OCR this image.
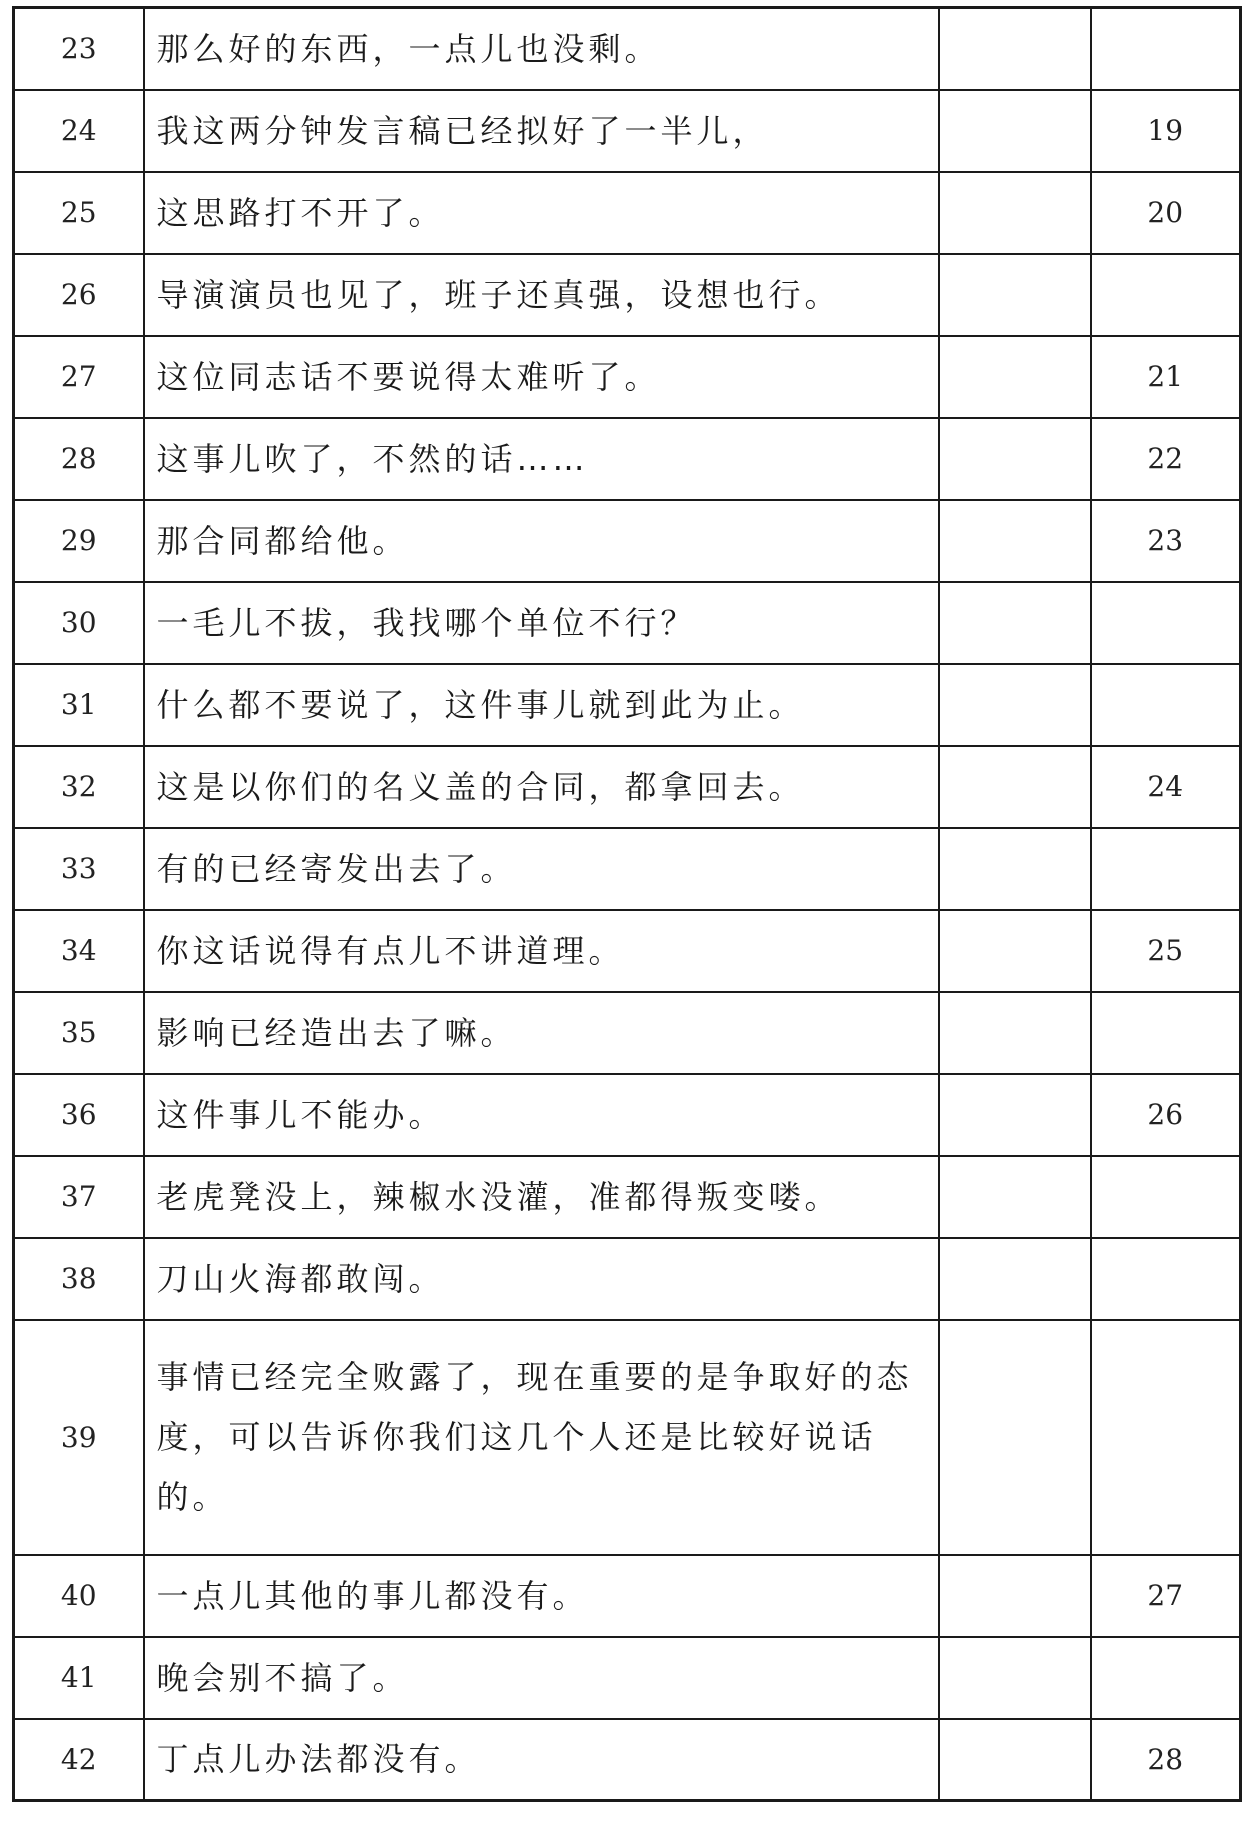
23	那么好的东西，一点儿也没剩。		
24	我这两分钟发言稿已经拟好了一半儿，		19
25	这思路打不开了。		20
26	导演演员也见了，班子还真强，设想也行。		
27	这位同志话不要说得太难听了。		21
28	这事儿吹了，不然的话……		22
29	那合同都给他。		23
30	一毛儿不拔，我找哪个单位不行？		
31	什么都不要说了，这件事儿就到此为止。		
32	这是以你们的名义盖的合同，都拿回去。		24
33	有的已经寄发出去了。		
34	你这话说得有点儿不讲道理。		25
35	影响已经造出去了嘛。		
36	这件事儿不能办。		26
37	老虎凳没上，辣椒水没灌，准都得叛变喽。		
38	刀山火海都敢闯。		
39	事情已经完全败露了，现在重要的是争取好的态度，可以告诉你我们这几个人还是比较好说话的。		
40	一点儿其他的事儿都没有。		27
41	晚会别不搞了。		
42	丁点儿办法都没有。		28
